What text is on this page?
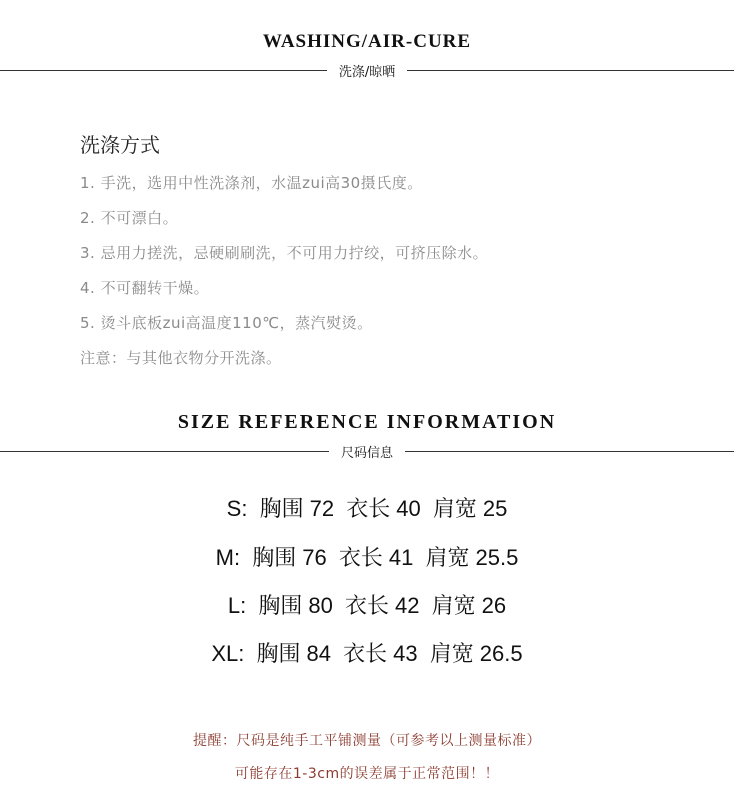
WASHING/AIR-CURE
洗涤/晾晒
洗涤方式
1. 手洗，选用中性洗涤剂，水温zui高30摄氏度。
2. 不可漂白。
3. 忌用力搓洗，忌硬刷刷洗，不可用力拧绞，可挤压除水。
4. 不可翻转干燥。
5. 烫斗底板zui高温度110℃，蒸汽熨烫。
注意：与其他衣物分开洗涤。
SIZE REFERENCE INFORMATION
尺码信息
S: 胸围 72 衣长 40 肩宽 25
M: 胸围 76 衣长 41 肩宽 25.5
L: 胸围 80 衣长 42 肩宽 26
XL: 胸围 84 衣长 43 肩宽 26.5
提醒：尺码是纯手工平铺测量（可参考以上测量标准）
可能存在1-3cm的误差属于正常范围！！
